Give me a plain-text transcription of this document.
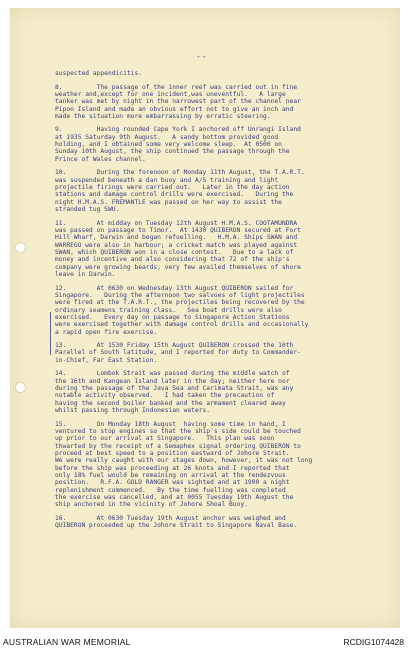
--
suspected appendicitis.
8.         The passage of the inner reef was carried out in fine
weather and,except for one incident,was uneventful.   A large
tanker was met by night in the narrowest part of the channel near
Pipon Island and made an obvious effort not to give an inch and
made the situation more embarrassing by erratic steering.
9.         Having rounded Cape York I anchored off Unrangi Island
at 1935 Saturday 9th August.   A sandy bottom provided good
holding, and I obtained some very welcome sleep.  At 0500 on
Sunday 10th August, the ship continued the passage through the
Prince of Wales channel.
10.        During the forenoon of Monday 11th August, the T.A.R.T.
was suspended beneath a dan buoy and A/S training and light
projectile firings were carried out.   Later in the day action
stations and damage control drills were exercised.   During the
night H.M.A.S. FREMANTLE was passed on her way to assist the
stranded tug SWU.
11.        At midday on Tuesday 12th August H.M.A.S. COOTAMUNDRA
was passed on passage to Timor.  At 1430 QUIBERON secured at Fort
Hill Wharf, Darwin and began refuelling.   H.M.A. Ships SWAN and
WARREGO were also in harbour; a cricket match was played against
SWAN, which QUIBERON won in a close contest.   Due to a lack of
money and incentive and also considering that 72 of the ship's
company were growing beards, very few availed themselves of shore
leave in Darwin.
12.        At 0630 on Wednesday 13th August QUIBERON sailed for
Singapore.   During the afternoon two salvoes of light projectiles
were fired at the T.A.R.T., the projectiles being recovered by the
ordinary seamens training class.   Sea boat drills were also
exercised.   Every day on passage to Singapore Action Stations
were exercised together with damage control drills and occasionally
a rapid open fire exercise.
13.        At 1530 Friday 15th August QUIBERON crossed the 10th
Parallel of South latitude, and I reported for duty to Commander-
in-Chief, Far East Station.
14.        Lombok Strait was passed during the middle watch of
the 16th and Kangean Island later in the day; neither here nor
during the passage of the Java Sea and Carimata Strait, was any
notable activity observed.   I had taken the precaution of
having the second boiler banked and the armament cleared away
whilst passing through Indonesian waters.
15.        On Monday 18th August  having some time in hand, I
ventured to stop engines so that the ship's side could be touched
up prior to our arrival at Singapore.   This plan was soon
thwarted by the receipt of a Semaphex signal ordering QUIBERON to
proceed at best speed to a position eastward of Johore Strait.
We were really caught with our stages down, however, it was not long
before the ship was proceeding at 26 knots and I reported that
only 18% fuel would be remaining on arrival at the rendezvous
position.   R.F.A. GOLD RANGER was sighted and at 1900 a night
replenishment commenced.   By the time fuelling was completed
the exercise was cancelled, and at 0055 Tuesday 19th August the
ship anchored in the vicinity of Johore Shoal Buoy.
16.        At 0630 Tuesday 19th August anchor was weighed and
QUIBERON proceeded up the Johore Strait to Singapore Naval Base.
AUSTRALIAN WAR MEMORIAL	RCDIG1074428
